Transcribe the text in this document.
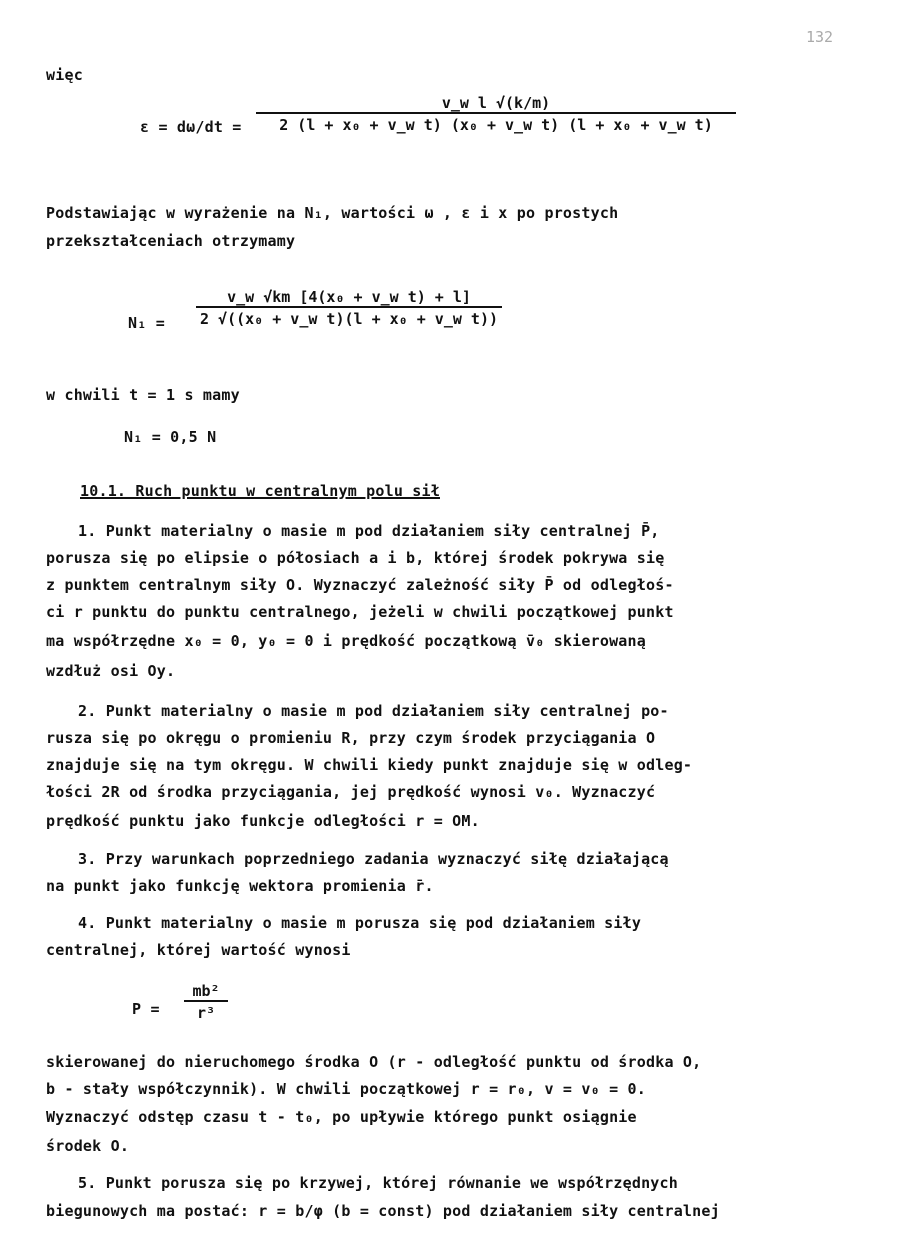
132
więc
$\varepsilon = d\omega/dt = \frac{\text{v\_w l √(k/m)}}{\text{2 (l + x₀ + v\_w t) (x₀ + v\_w t) (l + x₀ + v\_w t)}}$
Podstawiając w wyrażenie na N₁, wartości ω , ε i x po prostych
przekształceniach otrzymamy
$N_1 = \frac{\text{v\_w √km [4(x₀ + v\_w t) + l]}}{\text{2 √((x₀ + v\_w t)(l + x₀ + v\_w t))}}$
w chwili t = 1 s mamy
N₁ = 0,5 N
10.1. Ruch punktu w centralnym polu sił
1. Punkt materialny o masie m pod działaniem siły centralnej P̄,
porusza się po elipsie o półosiach a i b, której środek pokrywa się
z punktem centralnym siły O. Wyznaczyć zależność siły P̄ od odległoś-
ci r punktu do punktu centralnego, jeżeli w chwili początkowej punkt
ma współrzędne x₀ = 0, y₀ = 0 i prędkość początkową v̄₀ skierowaną
wzdłuż osi Oy.
2. Punkt materialny o masie m pod działaniem siły centralnej po-
rusza się po okręgu o promieniu R, przy czym środek przyciągania O
znajduje się na tym okręgu. W chwili kiedy punkt znajduje się w odleg-
łości 2R od środka przyciągania, jej prędkość wynosi v₀. Wyznaczyć
prędkość punktu jako funkcje odległości r = OM.
3. Przy warunkach poprzedniego zadania wyznaczyć siłę działającą
na punkt jako funkcję wektora promienia r̄.
4. Punkt materialny o masie m porusza się pod działaniem siły
centralnej, której wartość wynosi
$P = \frac{\text{mb²}}{\text{r³}}$
skierowanej do nieruchomego środka O (r - odległość punktu od środka O,
b - stały współczynnik). W chwili początkowej r = r₀, v = v₀ = 0.
Wyznaczyć odstęp czasu t - t₀, po upływie którego punkt osiągnie
środek O.
5. Punkt porusza się po krzywej, której równanie we współrzędnych
biegunowych ma postać: r = b/φ (b = const) pod działaniem siły centralnej
